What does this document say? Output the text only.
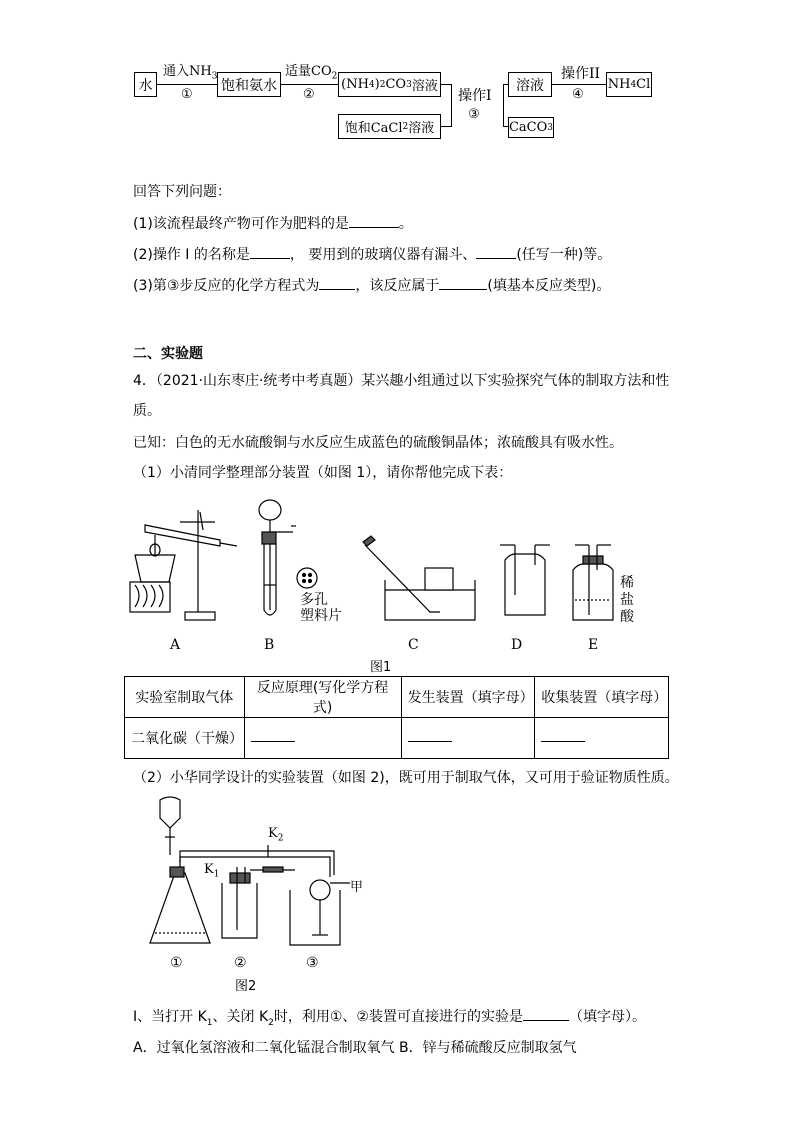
水
通入$NH_3$
①
饱和氨水
适量$CO_2$
②
(NH 4 ) 2 CO 3 溶液
饱和CaCl 2 溶液
操作I
③
溶液
CaCO 3
操作II
④
NH 4 Cl
回答下列问题：
(1)该流程最终产物可作为肥料的是	。
(2)操作 I 的名称是	， 要用到的玻璃仪器有漏斗、	(任写一种)等。
(3)第③步反应的化学方程式为	，该反应属于	(填基本反应类型)。
二、实验题
4．（2021·山东枣庄·统考中考真题）某兴趣小组通过以下实验探究气体的制取方法和性
质。
已知：白色的无水硫酸铜与水反应生成蓝色的硫酸铜晶体；浓硫酸具有吸水性。
（1）小清同学整理部分装置（如图 1），请你帮他完成下表：
多孔
塑料片
稀
盐
酸
A	B	C	D	E
图1
实验室制取气体	反应原理(写化学方程式)	发生装置（填字母）	收集装置（填字母）
二氧化碳（干燥）			
（2）小华同学设计的实验装置（如图 2)，既可用于制取气体，又可用于验证物质性质。
$K_2$
$K_1$
甲
①	②	③
图2
Ⅰ、当打开 $K_1$、关闭 $K_2$时，利用①、②装置可直接进行的实验是	（填字母）。
A．过氧化氢溶液和二氧化锰混合制取氧气 B．锌与稀硫酸反应制取氢气
